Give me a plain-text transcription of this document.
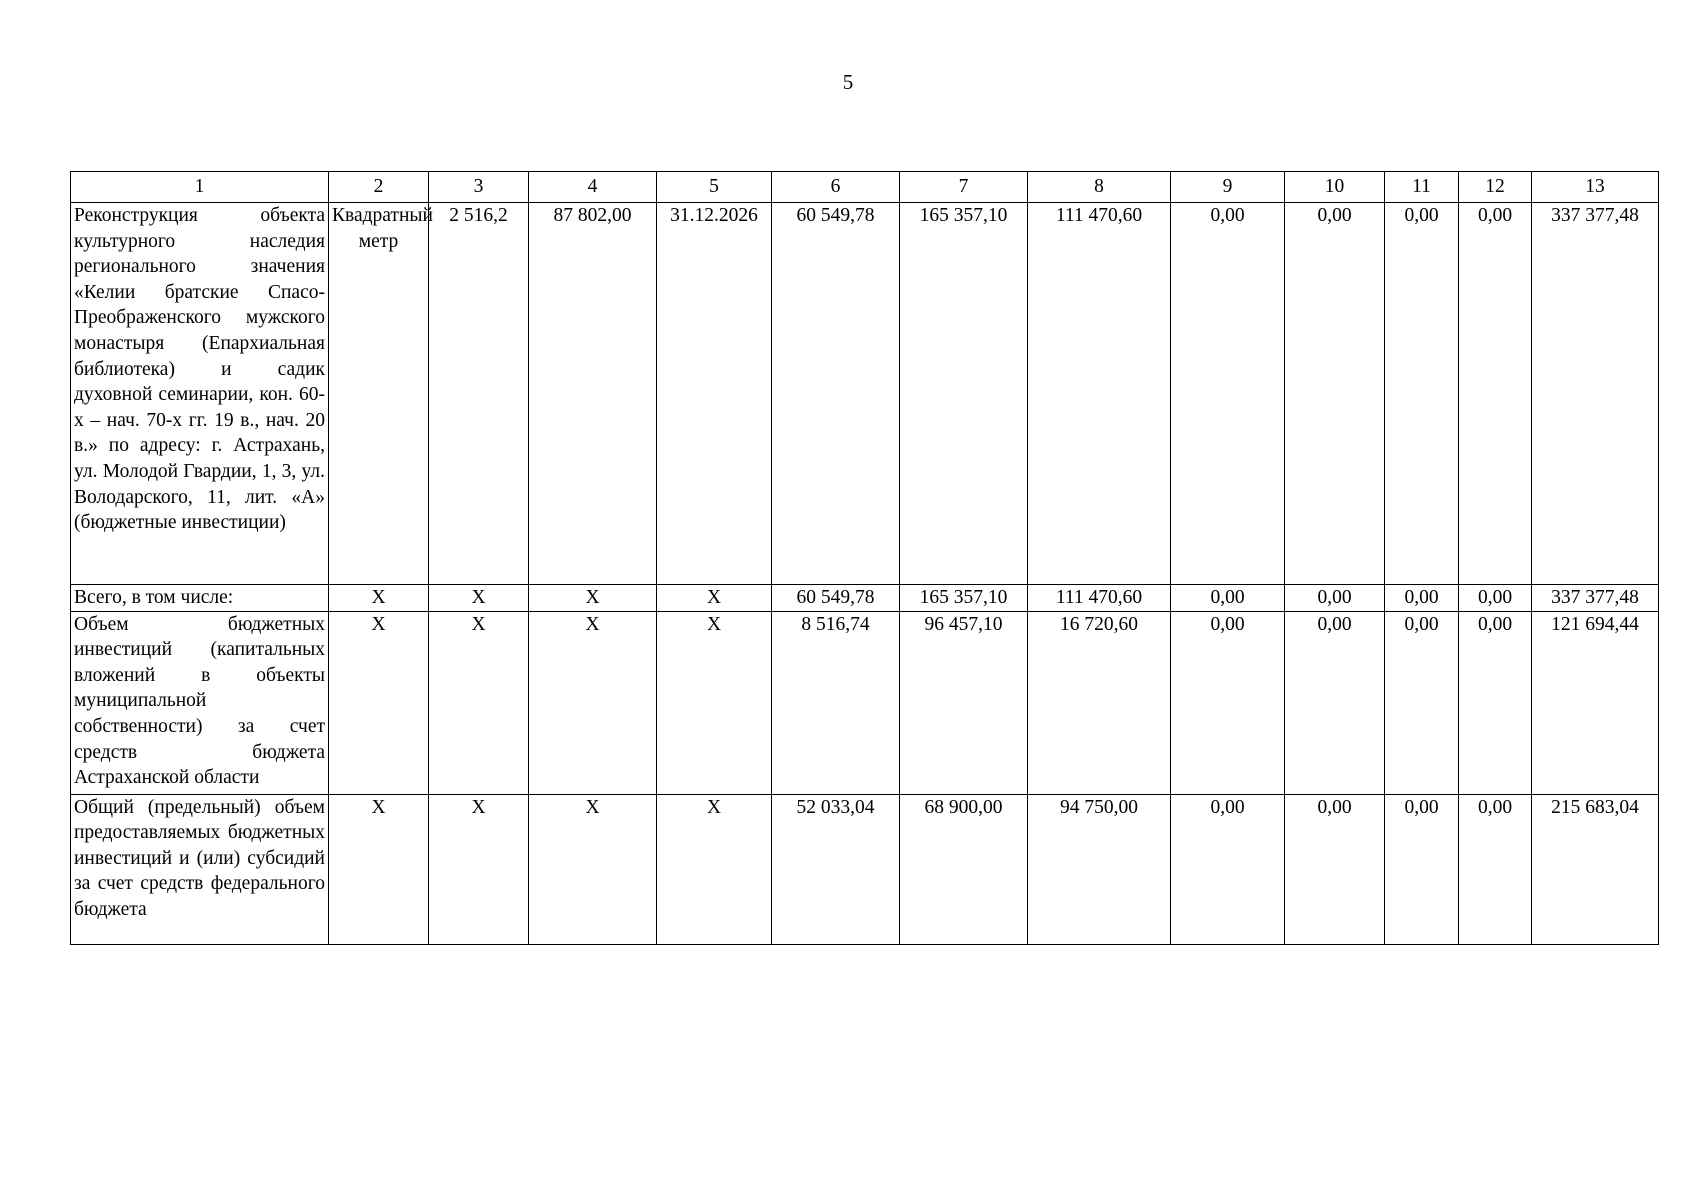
5
1	2	3	4	5	6	7	8	9	10	11	12	13
Реконструкция объекта культурного наследия регионального значения «Келии братские Спасо-Преображенского мужского монастыря (Епархиальная библиотека) и садик духовной семинарии, кон. 60-х – нач. 70-х гг. 19 в., нач. 20 в.» по адресу: г. Астрахань, ул. Молодой Гвардии, 1, 3, ул. Володарского, 11, лит. «А» (бюджетные инвестиции)	Квадратный метр	2 516,2	87 802,00	31.12.2026	60 549,78	165 357,10	111 470,60	0,00	0,00	0,00	0,00	337 377,48
Всего, в том числе:	Х	Х	Х	Х	60 549,78	165 357,10	111 470,60	0,00	0,00	0,00	0,00	337 377,48
Объем бюджетных инвестиций (капитальных вложений в объекты муниципальной собственности) за счет средств бюджета Астраханской области	Х	Х	Х	Х	8 516,74	96 457,10	16 720,60	0,00	0,00	0,00	0,00	121 694,44
Общий (предельный) объем предоставляемых бюджетных инвестиций и (или) субсидий за счет средств федерального бюджета	Х	Х	Х	Х	52 033,04	68 900,00	94 750,00	0,00	0,00	0,00	0,00	215 683,04
